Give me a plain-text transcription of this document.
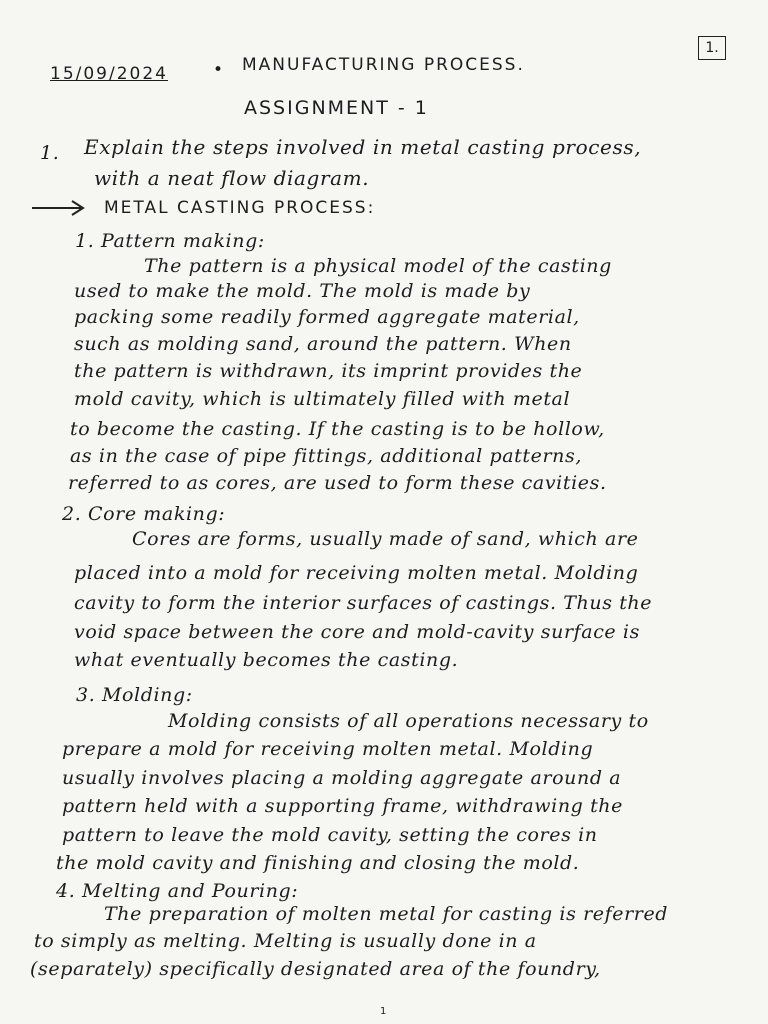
15/09/2024	• MANUFACTURING PROCESS.
ASSIGNMENT - 1
1.
1. Explain the steps involved in metal casting process,
with a neat flow diagram.
METAL CASTING PROCESS:
1. Pattern making:
The pattern is a physical model of the casting
used to make the mold. The mold is made by
packing some readily formed aggregate material,
such as molding sand, around the pattern. When
the pattern is withdrawn, its imprint provides the
mold cavity, which is ultimately filled with metal
to become the casting. If the casting is to be hollow,
as in the case of pipe fittings, additional patterns,
referred to as cores, are used to form these cavities.
2. Core making:
Cores are forms, usually made of sand, which are
placed into a mold for receiving molten metal. Molding
cavity to form the interior surfaces of castings. Thus the
void space between the core and mold-cavity surface is
what eventually becomes the casting.
3. Molding:
Molding consists of all operations necessary to
prepare a mold for receiving molten metal. Molding
usually involves placing a molding aggregate around a
pattern held with a supporting frame, withdrawing the
pattern to leave the mold cavity, setting the cores in
the mold cavity and finishing and closing the mold.
4. Melting and Pouring:
The preparation of molten metal for casting is referred
to simply as melting. Melting is usually done in a
(separately) specifically designated area of the foundry,
1
